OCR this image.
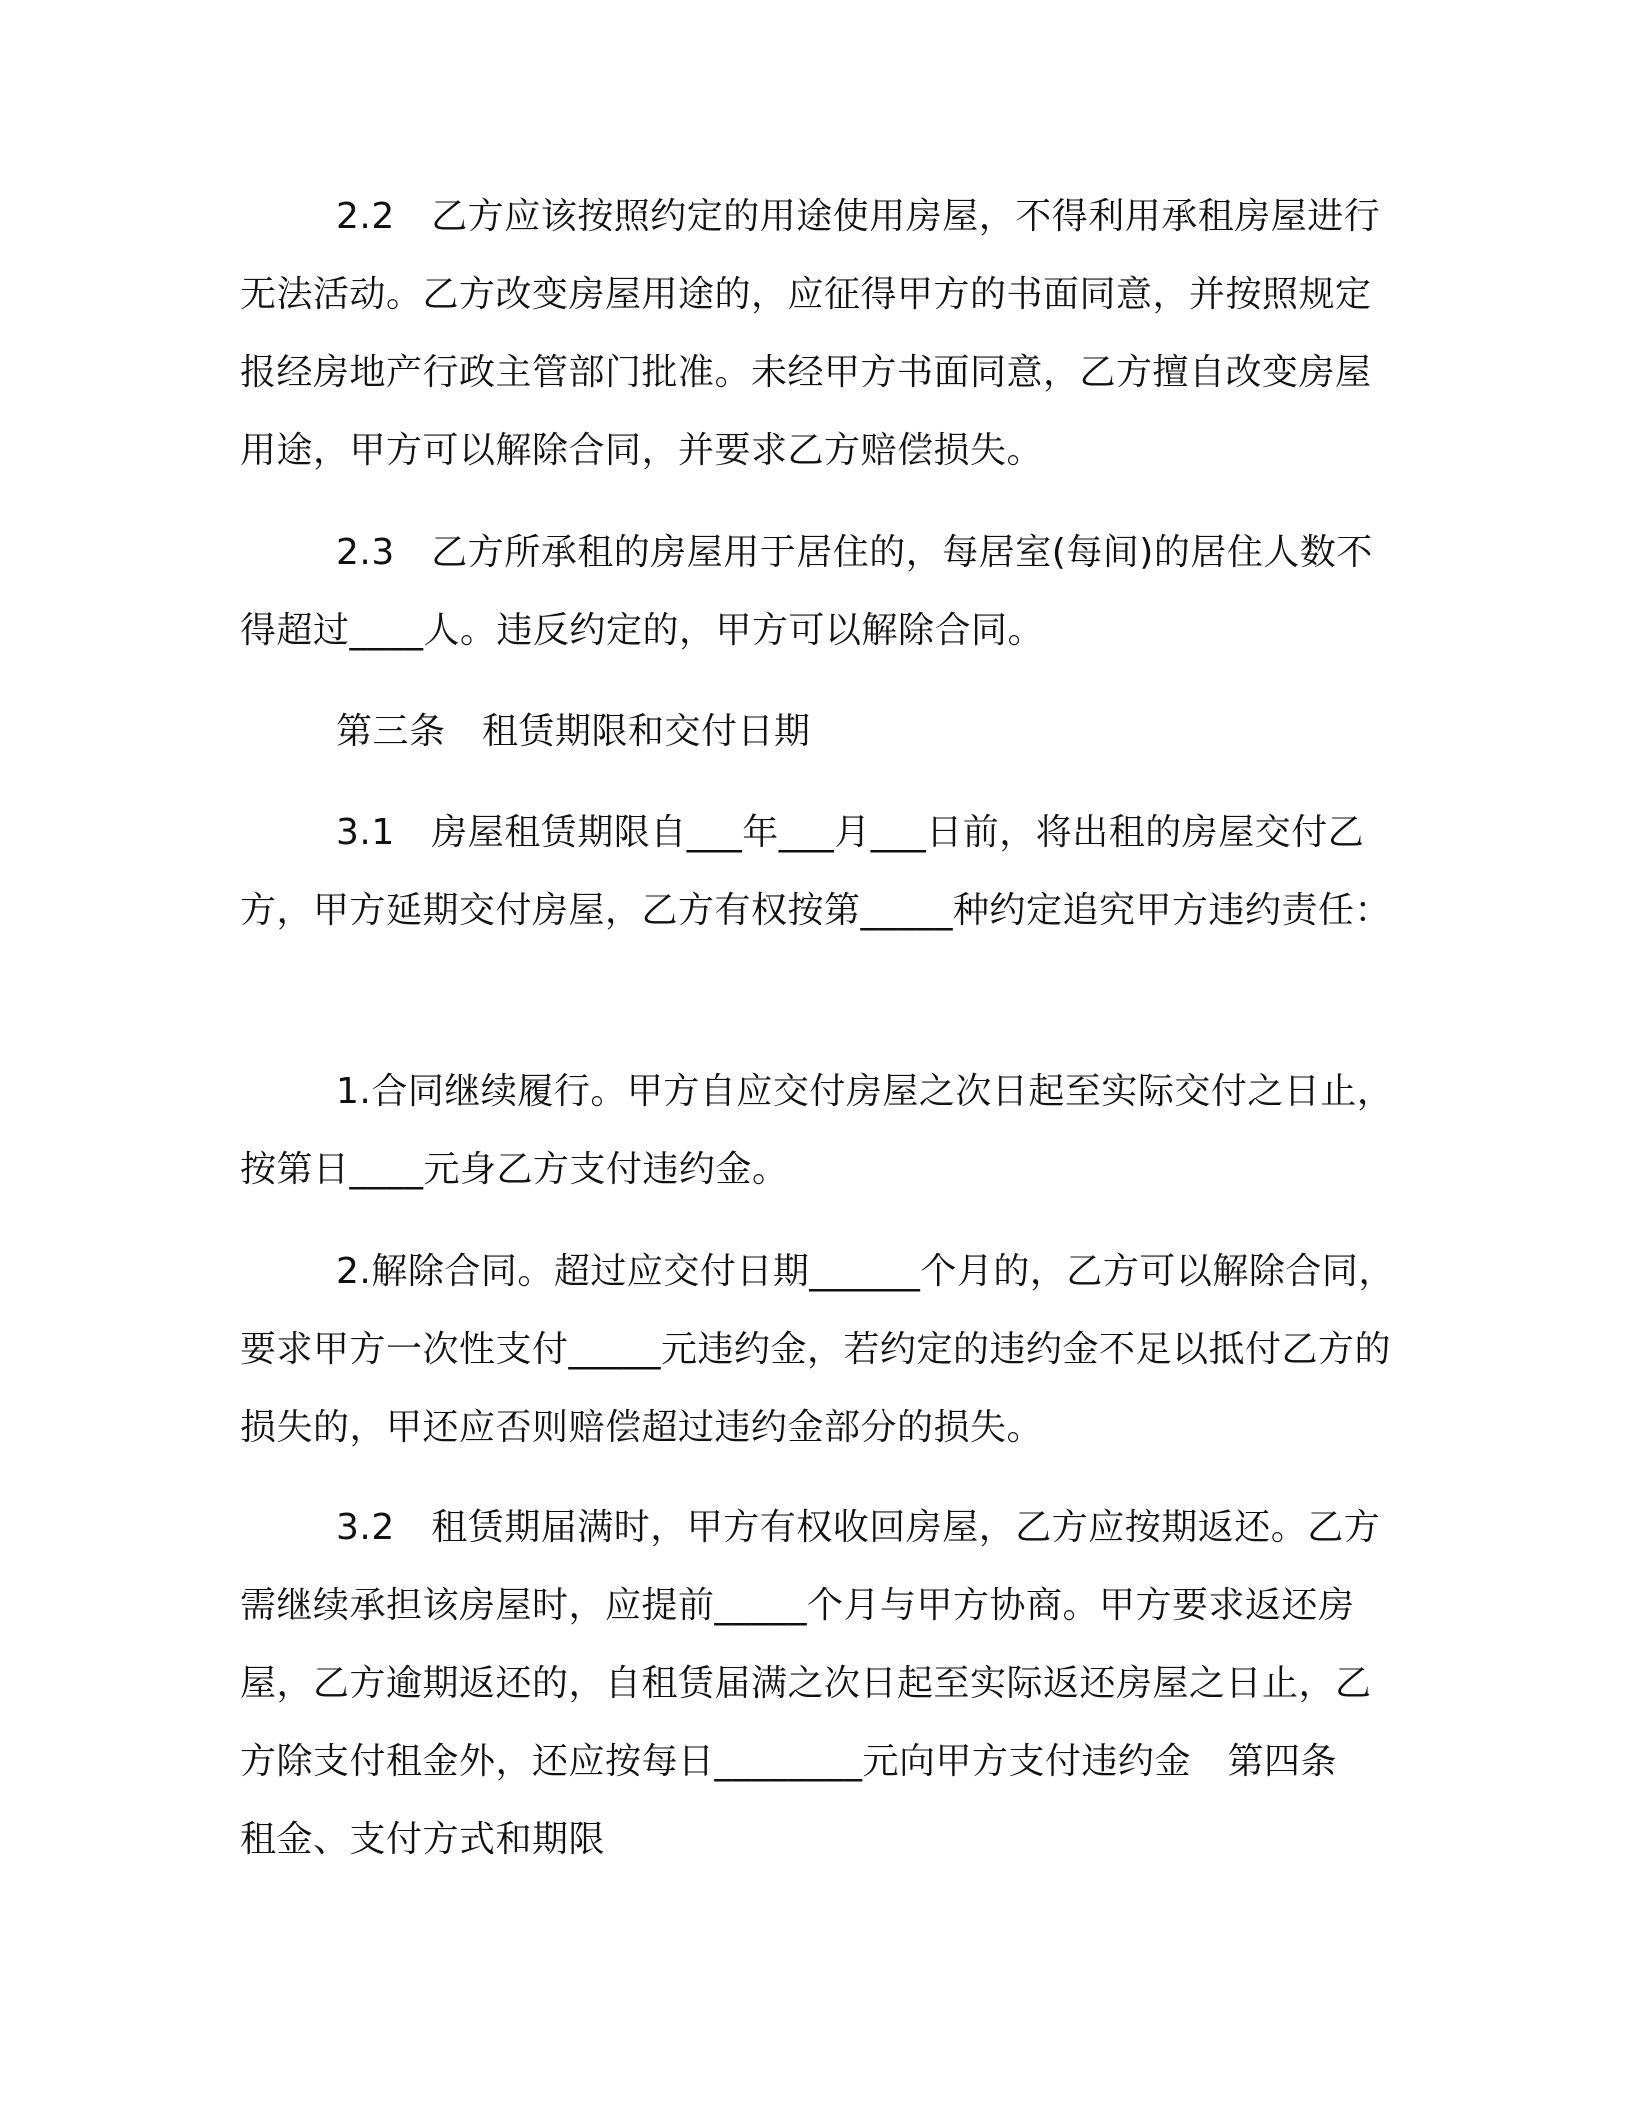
2.2　乙方应该按照约定的用途使用房屋，不得利用承租房屋进行无法活动。乙方改变房屋用途的，应征得甲方的书面同意，并按照规定报经房地产行政主管部门批准。未经甲方书面同意，乙方擅自改变房屋用途，甲方可以解除合同，并要求乙方赔偿损失。

2.3　乙方所承租的房屋用于居住的，每居室(每间)的居住人数不得超过____人。违反约定的，甲方可以解除合同。

第三条　租赁期限和交付日期

3.1　房屋租赁期限自___年___月___日前，将出租的房屋交付乙方，甲方延期交付房屋，乙方有权按第_____种约定追究甲方违约责任：

1.合同继续履行。甲方自应交付房屋之次日起至实际交付之日止，按第日____元身乙方支付违约金。

2.解除合同。超过应交付日期______个月的，乙方可以解除合同，要求甲方一次性支付_____元违约金，若约定的违约金不足以抵付乙方的损失的，甲还应否则赔偿超过违约金部分的损失。

3.2　租赁期届满时，甲方有权收回房屋，乙方应按期返还。乙方需继续承担该房屋时，应提前_____个月与甲方协商。甲方要求返还房屋，乙方逾期返还的，自租赁届满之次日起至实际返还房屋之日止，乙方除支付租金外，还应按每日________元向甲方支付违约金　第四条　租金、支付方式和期限
